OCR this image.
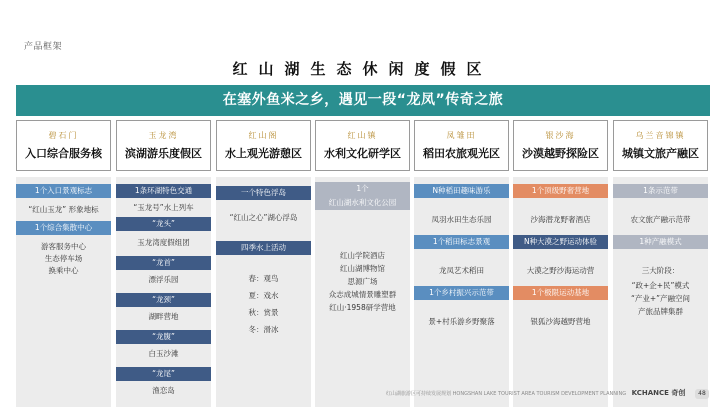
产品框架
红山湖生态休闲度假区
在塞外鱼米之乡，遇见一段“龙凤”传奇之旅
碧石门
入口综合服务核
1个入口景观标志
“红山玉龙” 形象地标
1个综合集散中心
游客服务中心
生态停车场
换乘中心
玉龙湾
滨湖游乐度假区
1条环湖特色交通
“玉龙号”水上列车
“龙头”
玉龙湾度假组团
“龙首”
漂浮乐园
“龙颈”
湖畔营地
“龙腹”
白玉沙滩
“龙尾”
渔恋岛
红山阁
水上观光游憩区
一个特色浮岛
“红山之心”湖心浮岛
四季水上活动
春：观鸟
夏：戏水
秋：赏景
冬：滑冰
红山镇
水利文化研学区
1个
红山湖水利文化公园
红山学院酒店
红山湖博物馆
思源广场
众志成城情景雕塑群
红山·1958研学营地
凤雏田
稻田农旅观光区
N种稻田趣味游乐
凤羽水田生态乐园
1个稻田标志景观
龙凤艺术稻田
1个乡村振兴示范带
景+村乐游乡野聚落
银沙海
沙漠越野探险区
1个顶级野奢营地
沙海潜龙野奢酒店
N种大漠之野运动体验
大漠之野沙海运动营
1个极限运动基地
银狐沙海越野营地
乌兰音锦镇
城镇文旅产融区
1条示范带
农文旅产融示范带
1种产融模式
三大阶段：
“政+企+民”模式
“产业+”产融空间
产旅品牌集群
红山湖旅游区可持续发展规划 HONGSHAN LAKE TOURIST AREA TOURISM DEVELOPMENT PLANNING KCHANCE 奇创 48
